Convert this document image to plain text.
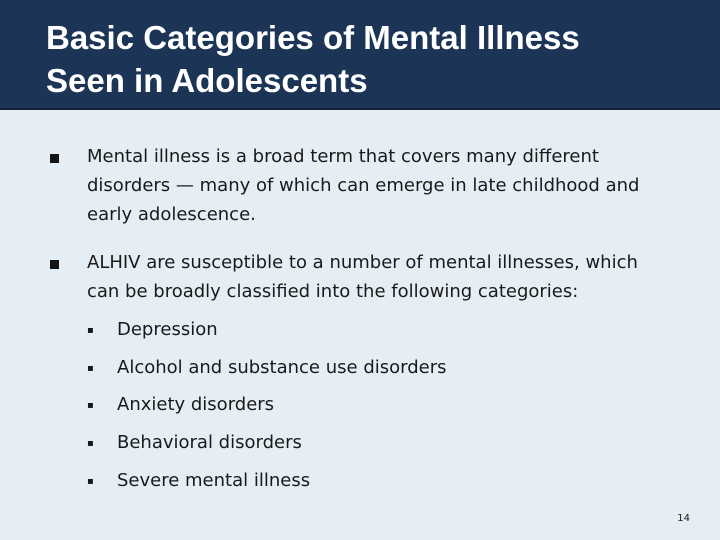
Basic Categories of Mental Illness
Seen in Adolescents
Mental illness is a broad term that covers many different
disorders — many of which can emerge in late childhood and
early adolescence.
ALHIV are susceptible to a number of mental illnesses, which
can be broadly classified into the following categories:
▪ Depression
▪ Alcohol and substance use disorders
▪ Anxiety disorders
▪ Behavioral disorders
▪ Severe mental illness
14
